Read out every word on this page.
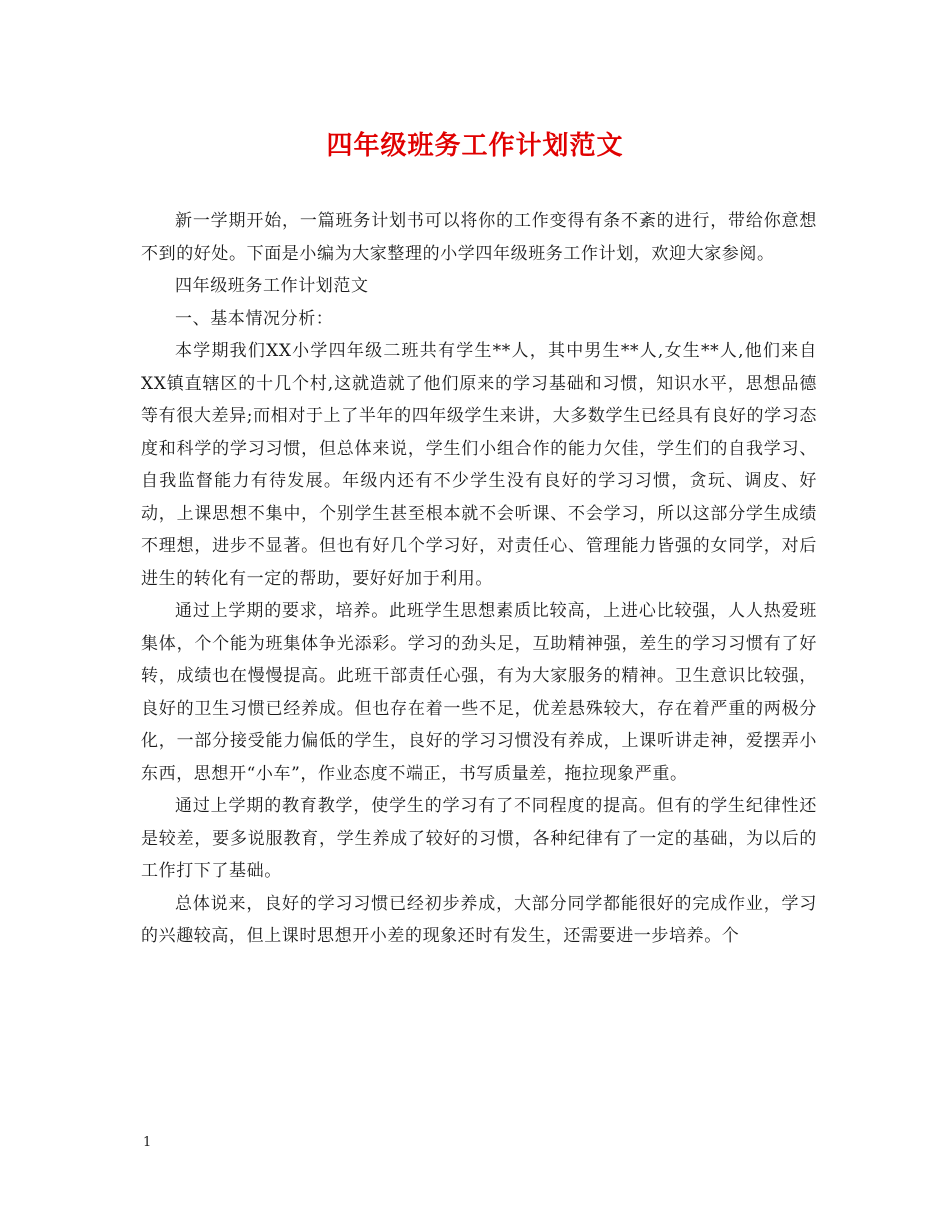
四年级班务工作计划范文

新一学期开始，一篇班务计划书可以将你的工作变得有条不紊的进行，带给你意想不到的好处。下面是小编为大家整理的小学四年级班务工作计划，欢迎大家参阅。

四年级班务工作计划范文

一、基本情况分析：

本学期我们XX小学四年级二班共有学生**人，其中男生**人,女生**人,他们来自XX镇直辖区的十几个村,这就造就了他们原来的学习基础和习惯，知识水平，思想品德等有很大差异;而相对于上了半年的四年级学生来讲，大多数学生已经具有良好的学习态度和科学的学习习惯，但总体来说，学生们小组合作的能力欠佳，学生们的自我学习、自我监督能力有待发展。年级内还有不少学生没有良好的学习习惯，贪玩、调皮、好动，上课思想不集中，个别学生甚至根本就不会听课、不会学习，所以这部分学生成绩不理想，进步不显著。但也有好几个学习好，对责任心、管理能力皆强的女同学，对后进生的转化有一定的帮助，要好好加于利用。

通过上学期的要求，培养。此班学生思想素质比较高，上进心比较强，人人热爱班集体，个个能为班集体争光添彩。学习的劲头足，互助精神强，差生的学习习惯有了好转，成绩也在慢慢提高。此班干部责任心强，有为大家服务的精神。卫生意识比较强，良好的卫生习惯已经养成。但也存在着一些不足，优差悬殊较大，存在着严重的两极分化，一部分接受能力偏低的学生，良好的学习习惯没有养成，上课听讲走神，爱摆弄小东西，思想开“小车”，作业态度不端正，书写质量差，拖拉现象严重。

通过上学期的教育教学，使学生的学习有了不同程度的提高。但有的学生纪律性还是较差，要多说服教育，学生养成了较好的习惯，各种纪律有了一定的基础，为以后的工作打下了基础。

总体说来，良好的学习习惯已经初步养成，大部分同学都能很好的完成作业，学习的兴趣较高，但上课时思想开小差的现象还时有发生，还需要进一步培养。个

1
